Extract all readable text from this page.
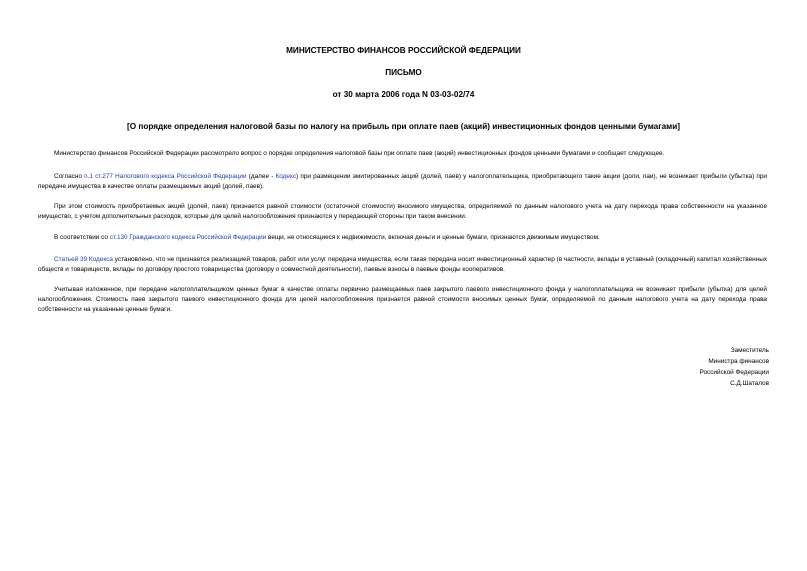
МИНИСТЕРСТВО ФИНАНСОВ РОССИЙСКОЙ ФЕДЕРАЦИИ
ПИСЬМО
от 30 марта 2006 года N 03-03-02/74
[О порядке определения налоговой базы по налогу на прибыль при оплате паев (акций) инвестиционных фондов ценными бумагами]

Министерство финансов Российской Федерации рассмотрело вопрос о порядке определения налоговой базы при оплате паев (акций) инвестиционных фондов ценными бумагами и сообщает следующее.

Согласно п.1 ст.277 Налогового кодекса Российской Федерации (далее - Кодекс) при размещении эмитированных акций (долей, паев) у налогоплательщика, приобретающего такие акции (доли, паи), не возникает прибыли (убытка) при передаче имущества в качестве оплаты размещаемых акций (долей, паев).

При этом стоимость приобретаемых акций (долей, паев) признается равной стоимости (остаточной стоимости) вносимого имущества, определяемой по данным налогового учета на дату перехода права собственности на указанное имущество, с учетом дополнительных расходов, которые для целей налогообложения признаются у передающей стороны при таком внесении.

В соответствии со ст.130 Гражданского кодекса Российской Федерации вещи, не относящиеся к недвижимости, включая деньги и ценные бумаги, признаются движимым имуществом.

Статьей 39 Кодекса установлено, что не признается реализацией товаров, работ или услуг передача имущества, если такая передача носит инвестиционный характер (в частности, вклады в уставный (складочный) капитал хозяйственных обществ и товариществ, вклады по договору простого товарищества (договору о совместной деятельности), паевые взносы в паевые фонды кооперативов.

Учитывая изложенное, при передаче налогоплательщиком ценных бумаг в качестве оплаты первично размещаемых паев закрытого паевого инвестиционного фонда у налогоплательщика не возникает прибыли (убытка) для целей налогообложения. Стоимость паев закрытого паевого инвестиционного фонда для целей налогообложения признается равной стоимости вносимых ценных бумаг, определяемой по данным налогового учета на дату перехода права собственности на указанные ценные бумаги.

Заместитель
Министра финансов
Российской Федерации
С.Д.Шаталов
